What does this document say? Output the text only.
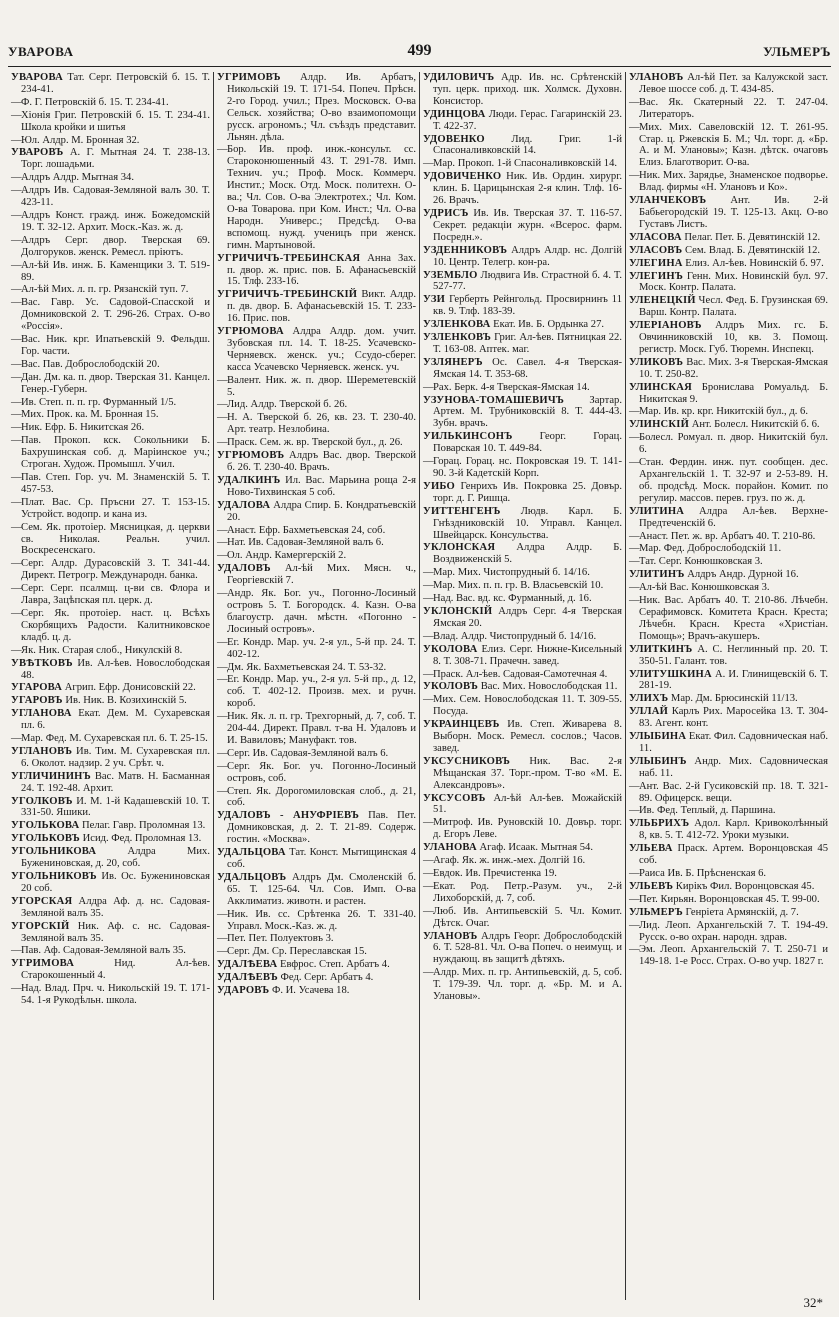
УВАРОВА	499	УЛЬМЕРЪ
УВАРОВА Тат. Серг. Петровскій б. 15. Т. 234-41.
—Ф. Г. Петровскій б. 15. Т. 234-41.
—Хіонія Григ. Петровскій б. 15. Т. 234-41. Школа кройки и шитья
—Юл. Алдр. М. Бронная 32.
УВАРОВЪ А. Г. Мытная 24. Т. 238-13. Торг. лошадьми.
—Алдръ Алдр. Мытная 34.
—Алдръ Ив. Садовая-Земляной валъ 30. Т. 423-11.
—Алдръ Конст. гражд. инж. Божедомскій 19. Т. 32-12. Архит. Моск.-Каз. ж. д.
—Алдръ Серг. двор. Тверская 69. Долгоруков. женск. Ремесл. пріютъ.
—Ал-ѣй Ив. инж. Б. Каменщики 3. Т. 519-89.
—Ал-ѣй Мих. л. п. гр. Рязанскій туп. 7.
—Вас. Гавр. Ус. Садовой-Спасской и Домниковской 2. Т. 296-26. Страх. О-во «Россія».
—Вас. Ник. крг. Ипатьевскій 9. Фельдш. Гор. части.
—Вас. Пав. Доброслободскій 20.
—Дан. Дм. ка. п. двор. Тверская 31. Канцел. Генер.-Губерн.
—Ив. Степ. п. п. гр. Фурманный 1/5.
—Мих. Прок. ка. М. Бронная 15.
—Ник. Ефр. Б. Никитская 26.
—Пав. Прокоп. кск. Сокольники Б. Бахрушинская соб. д. Маріинское уч.; Строган. Худож. Промышл. Учил.
—Пав. Степ. Гор. уч. М. Знаменскій 5. Т. 457-53.
—Плат. Вас. Ср. Пръсни 27. Т. 153-15. Устройст. водопр. и кана из.
—Сем. Як. протоіер. Мясницкая, д. церкви св. Николая. Реальн. учил. Воскресенскаго.
—Серг. Алдр. Дурасовскій 3. Т. 341-44. Директ. Петрогр. Международн. банка.
—Серг. Серг. псалмщ. ц-ви св. Флора и Лавра, Зацѣпская пл. церк. д.
—Серг. Як. протоіер. наст. ц. Всѣхъ Скорбящихъ Радости. Калитниковское кладб. ц. д.
—Як. Ник. Старая слоб., Никулскій 8.
УВѢТКОВЪ Ив. Ал-ѣев. Новослободская 48.
УГАРОВА Агрип. Ефр. Донисовскій 22.
УГАРОВЪ Ив. Ник. В. Козихинскій 5.
УГЛАНОВА Екат. Дем. М. Сухаревская пл. 6.
—Мар. Фед. М. Сухаревская пл. 6. Т. 25-15.
УГЛАНОВЪ Ив. Тим. М. Сухаревская пл. 6. Околот. надзир. 2 уч. Срѣт. ч.
УГЛИЧИНИНЪ Вас. Матв. Н. Басманная 24. Т. 192-48. Архит.
УГОЛКОВЪ И. М. 1-й Кадашевскій 10. Т. 331-50. Яшики.
УГОЛЬКОВА Пелаг. Гавр. Проломная 13.
УГОЛЬКОВЪ Исид. Фед. Проломная 13.
УГОЛЬНИКОВА Алдра Мих. Бужениновская, д. 20, соб.
УГОЛЬНИКОВЪ Ив. Ос. Бужениновская 20 соб.
УГОРСКАЯ Алдра Аф. д. нс. Садовая-Земляной валъ 35.
УГОРСКІЙ Ник. Аф. с. нс. Садовая-Земляной валъ 35.
—Пав. Аф. Садовая-Земляной валъ 35.
УГРИМОВА Нид. Ал-ѣев. Старокошенный 4.
—Над. Влад. Прч. ч. Никольскій 19. Т. 171-54. 1-я Рукодѣльн. школа.
УГРИМОВЪ Алдр. Ив. Арбатъ, Никольскій 19. Т. 171-54. Попеч. Прѣсн. 2-го Город. учил.; През. Московск. О-ва Сельск. хозяйства; О-во взаимопомощи русск. агрономъ.; Чл. съѣздъ представит. Льнян. дѣла.
—Бор. Ив. проф. инж.-консульт. сс. Староконюшенный 43. Т. 291-78. Имп. Технич. уч.; Проф. Моск. Коммерч. Инстит.; Моск. Отд. Моск. политехн. О-ва.; Чл. Сов. О-ва Электротех.; Чл. Ком. О-ва Товарова. при Ком. Инст.; Чл. О-ва Народн. Универс.; Предсѣд. О-ва вспомощ. нужд. ученицъ при женск. гимн. Мартыновой.
УГРИЧИЧЪ-ТРЕБИНСКАЯ Анна Зах. п. двор. ж. прис. пов. Б. Афанасьевскій 15. Тлф. 233-16.
УГРИЧИЧЪ-ТРЕБИНСКІЙ Викт. Алдр. п. дв. двор. Б. Афанасьевскій 15. Т. 233-16. Прис. пов.
УГРЮМОВА Алдра Алдр. дом. учит. Зубовская пл. 14. Т. 18-25. Усачевско-Черняевск. женск. уч.; Ссудо-сберег. касса Усачевско Черняевск. женск. уч.
—Валент. Ник. ж. п. двор. Шереметевскій 5.
—Лид. Алдр. Тверской б. 26.
—Н. А. Тверской б. 26, кв. 23. Т. 230-40. Арт. театр. Незлобина.
—Праск. Сем. ж. вр. Тверской бул., д. 26.
УГРЮМОВЪ Алдръ Вас. двор. Тверской б. 26. Т. 230-40. Врачъ.
УДАЛКИНЪ Ил. Вас. Марьина роща 2-я Ново-Тихвинская 5 соб.
УДАЛОВА Алдра Спир. Б. Кондратьевскій 20.
—Анаст. Ефр. Бахметьевская 24, соб.
—Нат. Ив. Садовая-Земляной валъ 6.
—Ол. Андр. Камергерскій 2.
УДАЛОВЪ Ал-ѣй Мих. Мясн. ч., Георгіевскій 7.
—Андр. Як. Бог. уч., Погонно-Лосиный островъ 5. Т. Богородск. 4. Казн. О-ва благоустр. дачн. мѣстн. «Погонно - Лосиный островъ».
—Ег. Кондр. Мар. уч. 2-я ул., 5-й пр. 24. Т. 402-12.
—Дм. Як. Бахметьевская 24. Т. 53-32.
—Ег. Кондр. Мар. уч., 2-я ул. 5-й пр., д. 12, соб. Т. 402-12. Произв. мех. и ручн. короб.
—Ник. Як. л. п. гр. Трехгорный, д. 7, соб. Т. 204-44. Директ. Правл. т-ва Н. Удаловъ и И. Вавиловъ; Мануфакт. тов.
—Серг. Ив. Садовая-Земляной валъ 6.
—Серг. Як. Бог. уч. Погонно-Лосиный островъ, соб.
—Степ. Як. Дорогомиловская слоб., д. 21, соб.
УДАЛОВЪ - АНУФРІЕВЪ Пав. Пет. Домниковская, д. 2. Т. 21-89. Содерж. гостин. «Москва».
УДАЛЬЦОВА Тат. Конст. Мытищинская 4 соб.
УДАЛЬЦОВЪ Алдръ Дм. Смоленскій б. 65. Т. 125-64. Чл. Сов. Имп. О-ва Акклиматиз. животн. и растен.
—Ник. Ив. сс. Срѣтенка 26. Т. 331-40. Управл. Моск.-Каз. ж. д.
—Пет. Пет. Полуектовъ 3.
—Серг. Дм. Ср. Переславская 15.
УДАЛѢЕВА Евфрос. Степ. Арбатъ 4.
УДАЛѢЕВЪ Фед. Серг. Арбатъ 4.
УДАРОВЪ Ф. И. Усачева 18.
УДИЛОВИЧЪ Адр. Ив. нс. Срѣтенскій туп. церк. приход. шк. Холмск. Духовн. Консистор.
УДИНЦОВА Люди. Герас. Гагаринскій 23. Т. 422-37.
УДОВЕНКО Лид. Григ. 1-й Спасоналивковскій 14.
—Мар. Прокоп. 1-й Спасоналивковскій 14.
УДОВИЧЕНКО Ник. Ив. Ордин. хирург. клин. Б. Царицынская 2-я клин. Тлф. 16-26. Врачъ.
УДРИСЪ Ив. Ив. Тверская 37. Т. 116-57. Секрет. редакціи журн. «Всерос. фарм. Посредн.».
УЗДЕННИКОВЪ Алдръ Алдр. нс. Долгій 10. Центр. Телегр. кон-ра.
УЗЕМБЛО Людвига Ив. Страстной б. 4. Т. 527-77.
УЗИ Герберть Рейнгольд. Просвирнинъ 11 кв. 9. Тлф. 183-39.
УЗЛЕНКОВА Екат. Ив. Б. Ордынка 27.
УЗЛЕНКОВЪ Григ. Ал-ѣев. Пятницкая 22. Т. 163-08. Аптек. маг.
УЗЛЯНЕРЪ Ос. Савел. 4-я Тверская-Ямская 14. Т. 353-68.
—Рах. Берк. 4-я Тверская-Ямская 14.
УЗУНОВА-ТОМАШЕВИЧЪ Зартар. Артем. М. Трубниковскій 8. Т. 444-43. Зубн. врачъ.
УИЛЬКИНСОНЪ Георг. Горац. Поварская 10. Т. 449-84.
—Горац. Горац. нс. Покровская 19. Т. 141-90. 3-й Кадетскій Корп.
УИБО Генрихъ Ив. Покровка 25. Довър. торг. д. Г. Ришца.
УИТТЕНГЕНЪ Людв. Карл. Б. Гнѣздниковскій 10. Управл. Канцел. Швейцарск. Консульства.
УКЛОНСКАЯ Алдра Алдр. Б. Воздвиженскій 5.
—Мар. Мих. Чистопрудный б. 14/16.
—Мар. Мих. п. п. гр. В. Власьевскій 10.
—Над. Вас. вд. кс. Фурманный, д. 16.
УКЛОНСКІЙ Алдръ Серг. 4-я Тверская Ямская 20.
—Влад. Алдр. Чистопрудный б. 14/16.
УКОЛОВА Елиз. Серг. Нижне-Кисельный 8. Т. 308-71. Прачечн. завед.
—Праск. Ал-ѣев. Садовая-Самотечная 4.
УКОЛОВЪ Вас. Мих. Новослободская 11.
—Мих. Сем. Новослободская 11. Т. 309-55. Посуда.
УКРАИНЦЕВЪ Ив. Степ. Живарева 8. Выборн. Моск. Ремесл. сослов.; Часов. завед.
УКСУСНИКОВЪ Ник. Вас. 2-я Мѣщанская 37. Торг.-пром. Т-во «М. Е. Александровъ».
УКСУСОВЪ Ал-ѣй Ал-ѣев. Можайскій 51.
—Митроф. Ив. Руновскій 10. Довър. торг. д. Егоръ Леве.
УЛАНОВА Агаф. Исаак. Мытная 54.
—Агаф. Як. ж. инж.-мех. Долгій 16.
—Евдок. Ив. Пречистенка 19.
—Екат. Род. Петр.-Разум. уч., 2-й Лихоборскій, д. 7, соб.
—Люб. Ив. Антипьевскій 5. Чл. Комит. Дѣтск. Очаг.
УЛАНОВЪ Алдръ Георг. Доброслободскій 6. Т. 528-81. Чл. О-ва Попеч. о неимущ. и нуждающ. въ защитѣ дѣтяхъ.
—Алдр. Мих. п. гр. Антипьевскій, д. 5, соб. Т. 179-39. Чл. торг. д. «Бр. М. и А. Улановы».
УЛАНОВЪ Ал-ѣй Пет. за Калужской заст. Левое шоссе соб. д. Т. 434-85.
—Вас. Як. Скатерный 22. Т. 247-04. Литераторъ.
—Мих. Мих. Савеловскій 12. Т. 261-95. Стар. ц. Ржевскія Б. М.; Чл. торг. д. «Бр. А. и М. Улановы»; Казн. дѣтск. очаговъ Елиз. Благотворит. О-ва.
—Ник. Мих. Зарядье, Знаменское подворье. Влад. фирмы «Н. Улановъ и Ко».
УЛАНЧЕКОВЪ Ант. Ив. 2-й Бабьегородскій 19. Т. 125-13. Акц. О-во Густавъ Листъ.
УЛАСОВА Пелаг. Пет. Б. Девятинскій 12.
УЛАСОВЪ Сем. Влад. Б. Девятинскій 12.
УЛЕГИНА Елиз. Ал-ѣев. Новинскій б. 97.
УЛЕГИНЪ Генн. Мих. Новинскій бул. 97. Моск. Контр. Палата.
УЛЕНЕЦКІЙ Чесл. Фед. Б. Грузинская 69. Варш. Контр. Палата.
УЛЕРІАНОВЪ Алдръ Мих. гс. Б. Овчинниковскій 10, кв. 3. Помощ. регистр. Моск. Губ. Тюремн. Инспекц.
УЛИКОВЪ Вас. Мих. 3-я Тверская-Ямская 10. Т. 250-82.
УЛИНСКАЯ Бронислава Ромуальд. Б. Никитская 9.
—Мар. Ив. кр. крг. Никитскій бул., д. 6.
УЛИНСКІЙ Ант. Болесл. Никитскій б. 6.
—Болесл. Ромуал. п. двор. Никитскій бул. 6.
—Стан. Фердин. инж. пут. сообщен. дес. Архангельскій 1. Т. 32-97 и 2-53-89. Н. об. продсѣд. Моск. порайон. Комит. по регулир. массов. перев. груз. по ж. д.
УЛИТИНА Алдра Ал-ѣев. Верхне-Предтеченскій 6.
—Анаст. Пет. ж. вр. Арбатъ 40. Т. 210-86.
—Мар. Фед. Доброслободскій 11.
—Тат. Серг. Конюшковская 3.
УЛИТИНЪ Алдръ Андр. Дурной 16.
—Ал-ѣй Вас. Конюшковская 3.
—Ник. Вас. Арбатъ 40. Т. 210-86. Лѣчебн. Серафимовск. Комитета Красн. Креста; Лѣчебн. Красн. Креста «Христіан. Помощь»; Врачъ-акушеръ.
УЛИТКИНЪ А. С. Неглинный пр. 20. Т. 350-51. Галант. тов.
УЛИТУШКИНА А. И. Глинищевскій 6. Т. 281-19.
УЛИХЪ Мар. Дм. Брюсинскій 11/13.
УЛЛАЙ Карлъ Рих. Маросейка 13. Т. 304-83. Агент. конт.
УЛЫБИНА Екат. Фил. Садовническая наб. 11.
УЛЫБИНЪ Андр. Мих. Садовническая наб. 11.
—Ант. Вас. 2-й Гусиковскій пр. 18. Т. 321-89. Офицерск. вещи.
—Ив. Фед. Теплый, д. Паршина.
УЛЬБРИХЪ Адол. Карл. Кривоколѣнный 8, кв. 5. Т. 412-72. Уроки музыки.
УЛЬЕВА Праск. Артем. Воронцовская 45 соб.
—Раиса Ив. Б. Прѣсненская 6.
УЛЬЕВЪ Кирікъ Фил. Воронцовская 45.
—Пет. Кирьян. Воронцовская 45. Т. 99-00.
УЛЬМЕРЪ Генріета Армянскій, д. 7.
—Лид. Леоп. Архангельскій 7. Т. 194-49. Русск. о-во охран. народн. здрав.
—Эм. Леоп. Архангельскій 7. Т. 250-71 и 149-18. 1-е Росс. Страх. О-во учр. 1827 г.
32*
